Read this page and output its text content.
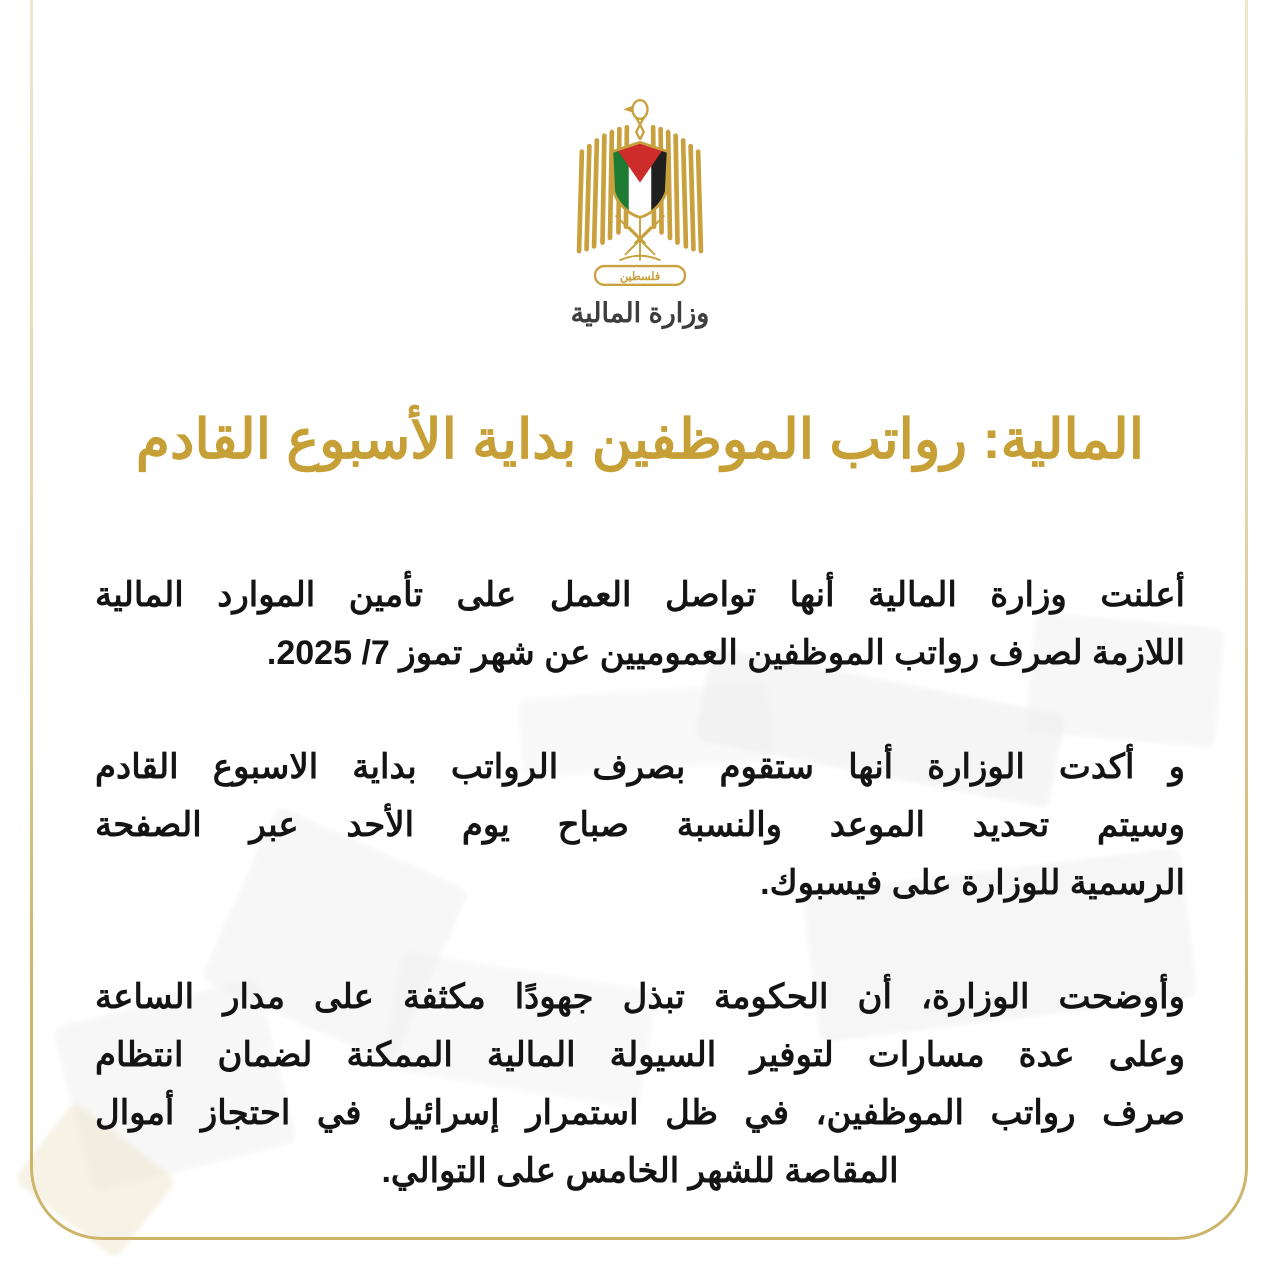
فلسطين
وزارة المالية
المالية: رواتب الموظفين بداية الأسبوع القادم
أعلنت وزارة المالية أنها تواصل العمل على تأمين الموارد المالية
اللازمة لصرف رواتب الموظفين العموميين عن شهر تموز 7/ 2025.
و أكدت الوزارة أنها ستقوم بصرف الرواتب بداية الاسبوع القادم
وسيتم تحديد الموعد والنسبة صباح يوم الأحد عبر الصفحة
الرسمية للوزارة على فيسبوك.
وأوضحت الوزارة، أن الحكومة تبذل جهودًا مكثفة على مدار الساعة
وعلى عدة مسارات لتوفير السيولة المالية الممكنة لضمان انتظام
صرف رواتب الموظفين، في ظل استمرار إسرائيل في احتجاز أموال
المقاصة للشهر الخامس على التوالي.
